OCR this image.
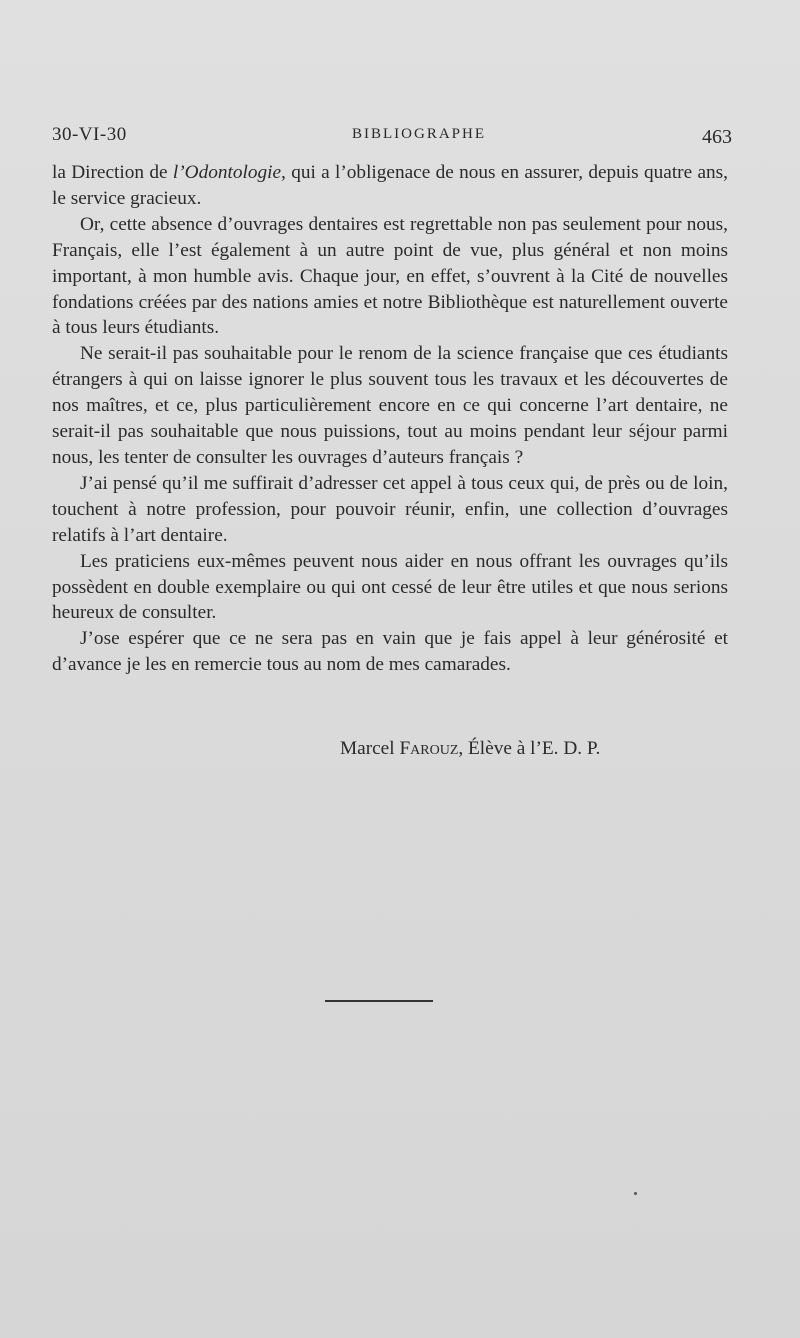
30-VI-30	BIBLIOGRAPHE	463

la Direction de l’Odontologie, qui a l’obligenace de nous en assurer, depuis quatre ans, le service gracieux.

Or, cette absence d’ouvrages dentaires est regrettable non pas seulement pour nous, Français, elle l’est également à un autre point de vue, plus général et non moins important, à mon humble avis. Chaque jour, en effet, s’ouvrent à la Cité de nouvelles fondations créées par des nations amies et notre Bibliothèque est naturellement ouverte à tous leurs étudiants.

Ne serait-il pas souhaitable pour le renom de la science française que ces étudiants étrangers à qui on laisse ignorer le plus souvent tous les travaux et les découvertes de nos maîtres, et ce, plus particulièrement encore en ce qui concerne l’art dentaire, ne serait-il pas souhaitable que nous puissions, tout au moins pendant leur séjour parmi nous, les tenter de consulter les ouvrages d’auteurs français ?

J’ai pensé qu’il me suffirait d’adresser cet appel à tous ceux qui, de près ou de loin, touchent à notre profession, pour pouvoir réunir, enfin, une collection d’ouvrages relatifs à l’art dentaire.

Les praticiens eux-mêmes peuvent nous aider en nous offrant les ouvrages qu’ils possèdent en double exemplaire ou qui ont cessé de leur être utiles et que nous serions heureux de consulter.

J’ose espérer que ce ne sera pas en vain que je fais appel à leur générosité et d’avance je les en remercie tous au nom de mes camarades.

Marcel Farouz, Élève à l’E. D. P.
